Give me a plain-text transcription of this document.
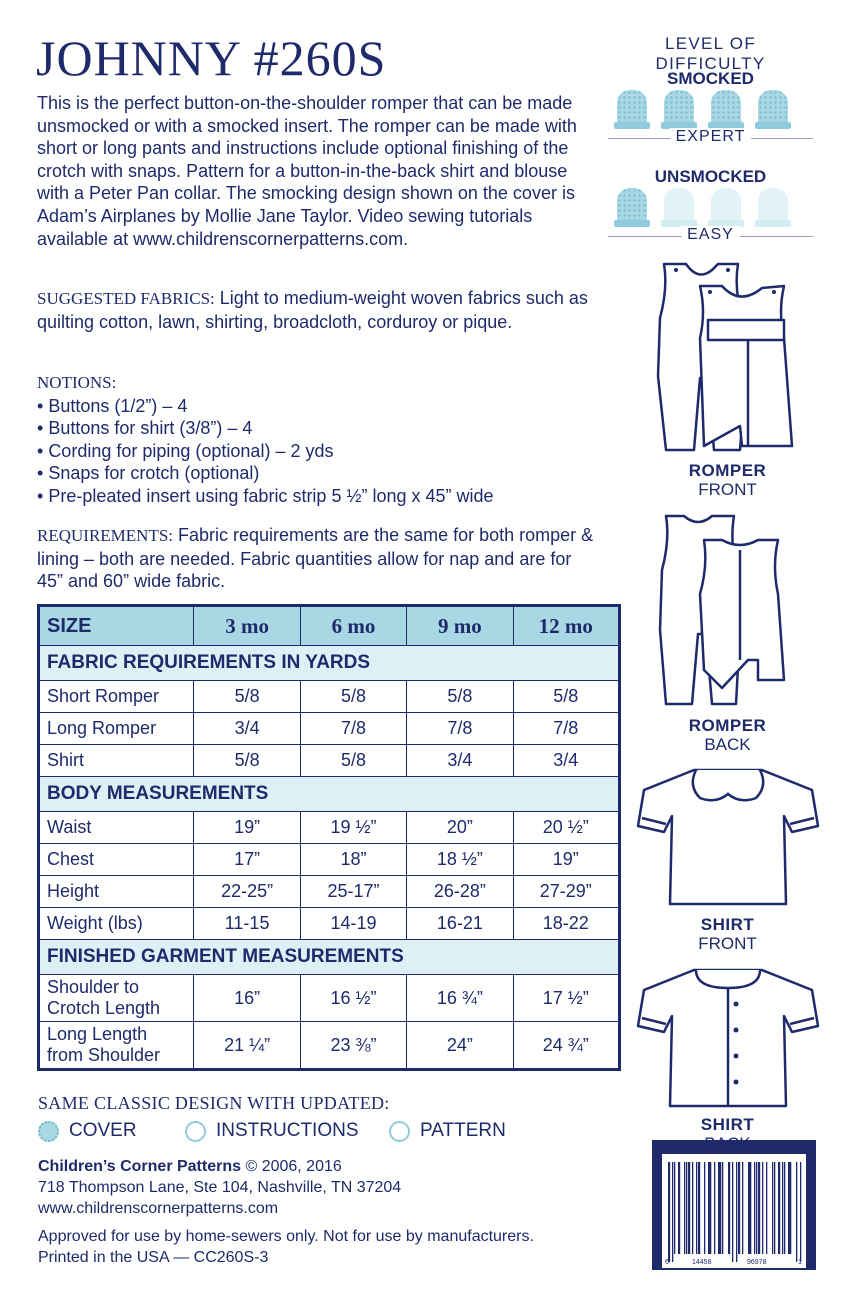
JOHNNY #260S
This is the perfect button-on-the-shoulder romper that can be made unsmocked or with a smocked insert. The romper can be made with short or long pants and instructions include optional finishing of the crotch with snaps. Pattern for a button-in-the-back shirt and blouse with a Peter Pan collar. The smocking design shown on the cover is Adam’s Airplanes by Mollie Jane Taylor. Video sewing tutorials available at www.childrenscornerpatterns.com.
SUGGESTED FABRICS: Light to medium-weight woven fabrics such as quilting cotton, lawn, shirting, broadcloth, corduroy or pique.
NOTIONS:
• Buttons (1/2”) – 4
• Buttons for shirt (3/8”) – 4
• Cording for piping (optional) – 2 yds
• Snaps for crotch (optional)
• Pre-pleated insert using fabric strip 5 ½” long x 45” wide
REQUIREMENTS: Fabric requirements are the same for both romper & lining – both are needed. Fabric quantities allow for nap and are for 45” and 60” wide fabric.
SIZE	3 mo	6 mo	9 mo	12 mo
FABRIC REQUIREMENTS IN YARDS				
Short Romper	5/8	5/8	5/8	5/8
Long Romper	3/4	7/8	7/8	7/8
Shirt	5/8	5/8	3/4	3/4
BODY MEASUREMENTS				
Waist	19”	19 ½”	20”	20 ½”
Chest	17”	18”	18 ½”	19”
Height	22-25”	25-17”	26-28”	27-29”
Weight (lbs)	11-15	14-19	16-21	18-22
FINISHED GARMENT MEASUREMENTS				
Shoulder to
Crotch Length	16”	16 ½”	16 ¾”	17 ½”
Long Length
from Shoulder	21 ¼”	23 ⅜”	24”	24 ¾”
SAME CLASSIC DESIGN WITH UPDATED:
COVER	INSTRUCTIONS	PATTERN
Children’s Corner Patterns © 2006, 2016
718 Thompson Lane, Ste 104, Nashville, TN 37204
www.childrenscornerpatterns.com
Approved for use by home-sewers only. Not for use by manufacturers.
Printed in the USA — CC260S-3
LEVEL OF DIFFICULTY
SMOCKED
EXPERT
UNSMOCKED
EASY
ROMPER
FRONT
ROMPER
BACK
SHIRT
FRONT
SHIRT
6	14458	96978	1
